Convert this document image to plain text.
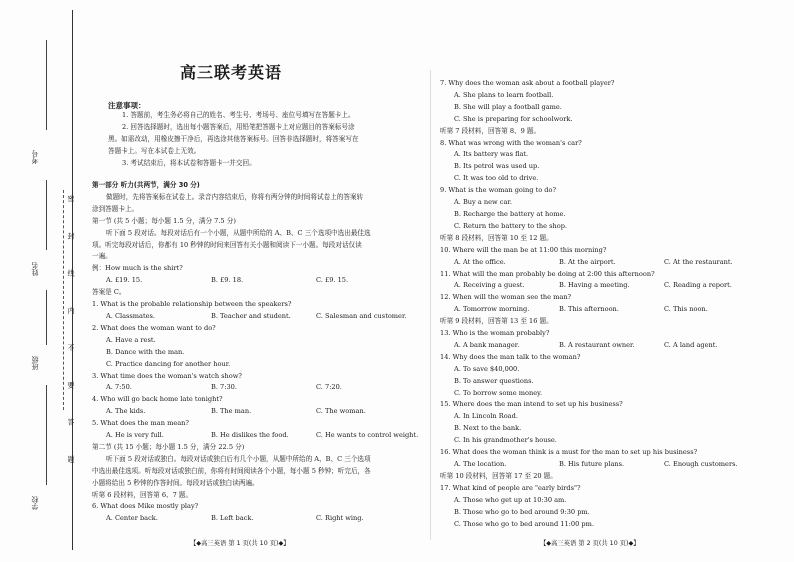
考号
姓名
班级
学校
密 封 线 内 不 要 答 题
高三联考英语
注意事项：
1. 答题前，考生务必将自己的姓名、考生号、考场号、座位号填写在答题卡上。
2. 回答选择题时，选出每小题答案后，用铅笔把答题卡上对应题目的答案标号涂
黑。如需改动，用橡皮擦干净后，再选涂其他答案标号。回答非选择题时，将答案写在
答题卡上。写在本试卷上无效。
3. 考试结束后，将本试卷和答题卡一并交回。
第一部分 听力(共两节，满分 30 分)
做题时，先将答案标在试卷上。录音内容结束后，你将有两分钟的时间将试卷上的答案转
涂到答题卡上。
第一节 (共 5 小题；每小题 1.5 分，满分 7.5 分)
听下面 5 段对话。每段对话后有一个小题，从题中所给的 A、B、C 三个选项中选出最佳选
项。听完每段对话后，你都有 10 秒钟的时间来回答有关小题和阅读下一小题。每段对话仅读
一遍。
例：How much is the shirt?
A. £19. 15.	B. £9. 18.	C. £9. 15.
答案是 C。
1. What is the probable relationship between the speakers?
A. Classmates.	B. Teacher and student.	C. Salesman and customer.
2. What does the woman want to do?
A. Have a rest.
B. Dance with the man.
C. Practice dancing for another hour.
3. What time does the woman's watch show?
A. 7:50.	B. 7:30.	C. 7:20.
4. Who will go back home late tonight?
A. The kids.	B. The man.	C. The woman.
5. What does the man mean?
A. He is very full.	B. He dislikes the food.	C. He wants to control weight.
第二节 (共 15 小题；每小题 1.5 分，满分 22.5 分)
听下面 5 段对话或独白。每段对话或独白后有几个小题，从题中所给的 A、B、C 三个选项
中选出最佳选项。听每段对话或独白前，你将有时间阅读各个小题，每小题 5 秒钟；听完后，各
小题将给出 5 秒钟的作答时间。每段对话或独白读两遍。
听第 6 段材料，回答第 6、7 题。
6. What does Mike mostly play?
A. Center back.	B. Left back.	C. Right wing.
7. Why does the woman ask about a football player?
A. She plans to learn football.
B. She will play a football game.
C. She is preparing for schoolwork.
听第 7 段材料，回答第 8、9 题。
8. What was wrong with the woman's car?
A. Its battery was flat.
B. Its petrol was used up.
C. It was too old to drive.
9. What is the woman going to do?
A. Buy a new car.
B. Recharge the battery at home.
C. Return the battery to the shop.
听第 8 段材料，回答第 10 至 12 题。
10. Where will the man be at 11:00 this morning?
A. At the office.	B. At the airport.	C. At the restaurant.
11. What will the man probably be doing at 2:00 this afternoon?
A. Receiving a guest.	B. Having a meeting.	C. Reading a report.
12. When will the woman see the man?
A. Tomorrow morning.	B. This afternoon.	C. This noon.
听第 9 段材料，回答第 13 至 16 题。
13. Who is the woman probably?
A. A bank manager.	B. A restaurant owner.	C. A land agent.
14. Why does the man talk to the woman?
A. To save $40,000.
B. To answer questions.
C. To borrow some money.
15. Where does the man intend to set up his business?
A. In Lincoln Road.
B. Next to the bank.
C. In his grandmother's house.
16. What does the woman think is a must for the man to set up his business?
A. The location.	B. His future plans.	C. Enough customers.
听第 10 段材料，回答第 17 至 20 题。
17. What kind of people are "early birds"?
A. Those who get up at 10:30 am.
B. Those who go to bed around 9:30 pm.
C. Those who go to bed around 11:00 pm.
【◆高三英语 第 1 页(共 10 页)◆】	【◆高三英语 第 2 页(共 10 页)◆】
